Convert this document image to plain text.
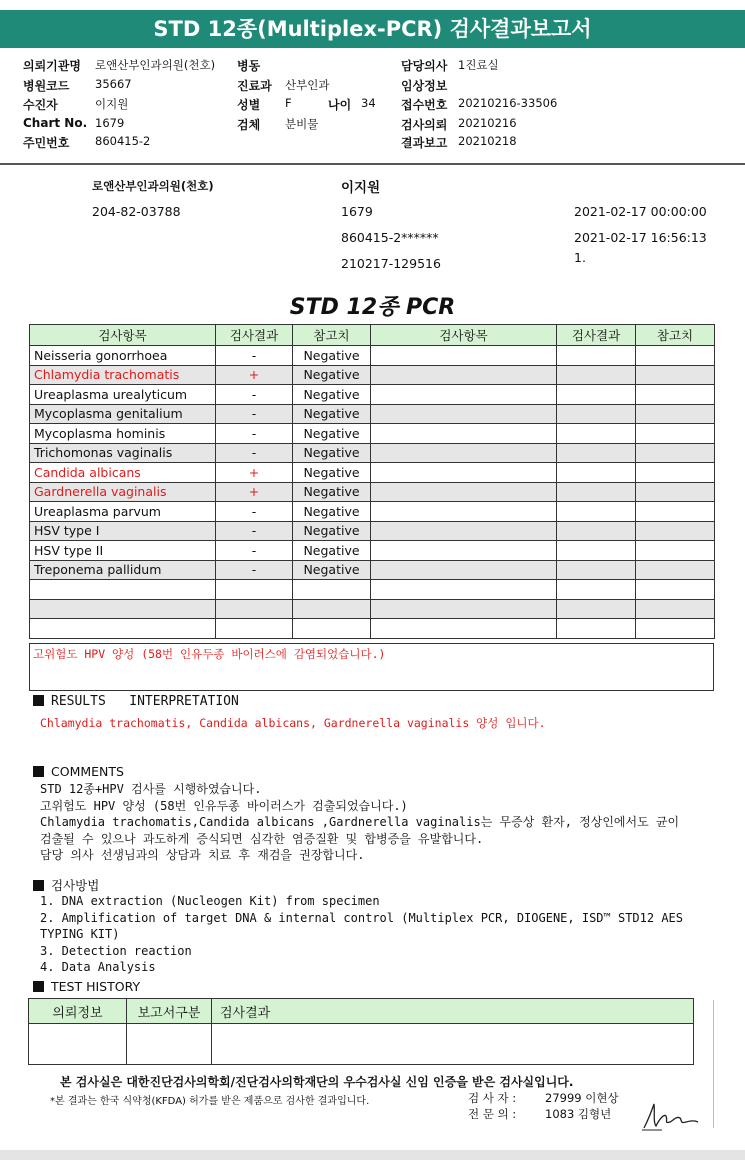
STD 12종(Multiplex-PCR) 검사결과보고서
의뢰기관명 로앤산부인과의원(천호)
병원코드 35667
수진자	이지원
Chart No. 1679
주민번호 860415-2
병동
진료과 산부인과
성별 F	나이 34
검체 분비물
담당의사 1진료실
임상정보
접수번호 20210216-33506
검사의뢰 20210216
결과보고 20210218
로앤산부인과의원(천호)
204-82-03788
이지원
1679
860415-2******
210217-129516
2021-02-17 00:00:00
2021-02-17 16:56:13
1.
STD 12종 PCR
검사항목	검사결과	참고치	검사항목	검사결과	참고치
Neisseria gonorrhoea	-	Negative			
Chlamydia trachomatis	+	Negative			
Ureaplasma urealyticum	-	Negative			
Mycoplasma genitalium	-	Negative			
Mycoplasma hominis	-	Negative			
Trichomonas vaginalis	-	Negative			
Candida albicans	+	Negative			
Gardnerella vaginalis	+	Negative			
Ureaplasma parvum	-	Negative			
HSV type I	-	Negative			
HSV type II	-	Negative			
Treponema pallidum	-	Negative			

고위험도 HPV 양성 (58번 인유두종 바이러스에 감염되었습니다.)
RESULTS   INTERPRETATION
Chlamydia trachomatis, Candida albicans, Gardnerella vaginalis 양성 입니다.
COMMENTS
STD 12종+HPV 검사를 시행하였습니다.
고위험도 HPV 양성 (58번 인유두종 바이러스가 검출되었습니다.)
Chlamydia trachomatis,Candida albicans ,Gardnerella vaginalis는 무증상 환자, 정상인에서도 균이
검출될 수 있으나 과도하게 증식되면 심각한 염증질환 및 합병증을 유발합니다.
담당 의사 선생님과의 상담과 치료 후 재검을 권장합니다.
검사방법
1. DNA extraction (Nucleogen Kit) from specimen
2. Amplification of target DNA & internal control (Multiplex PCR, DIOGENE, ISD™ STD12 AES
TYPING KIT)
3. Detection reaction
4. Data Analysis
TEST HISTORY
의뢰정보	보고서구분	검사결과

본 검사실은 대한진단검사의학회/진단검사의학재단의 우수검사실 신임 인증을 받은 검사실입니다.
*본 결과는 한국 식약청(KFDA) 허가를 받은 제품으로 검사한 결과입니다.	검 사 자 :	27999 이현상
전 문 의 :	1083 김형년
